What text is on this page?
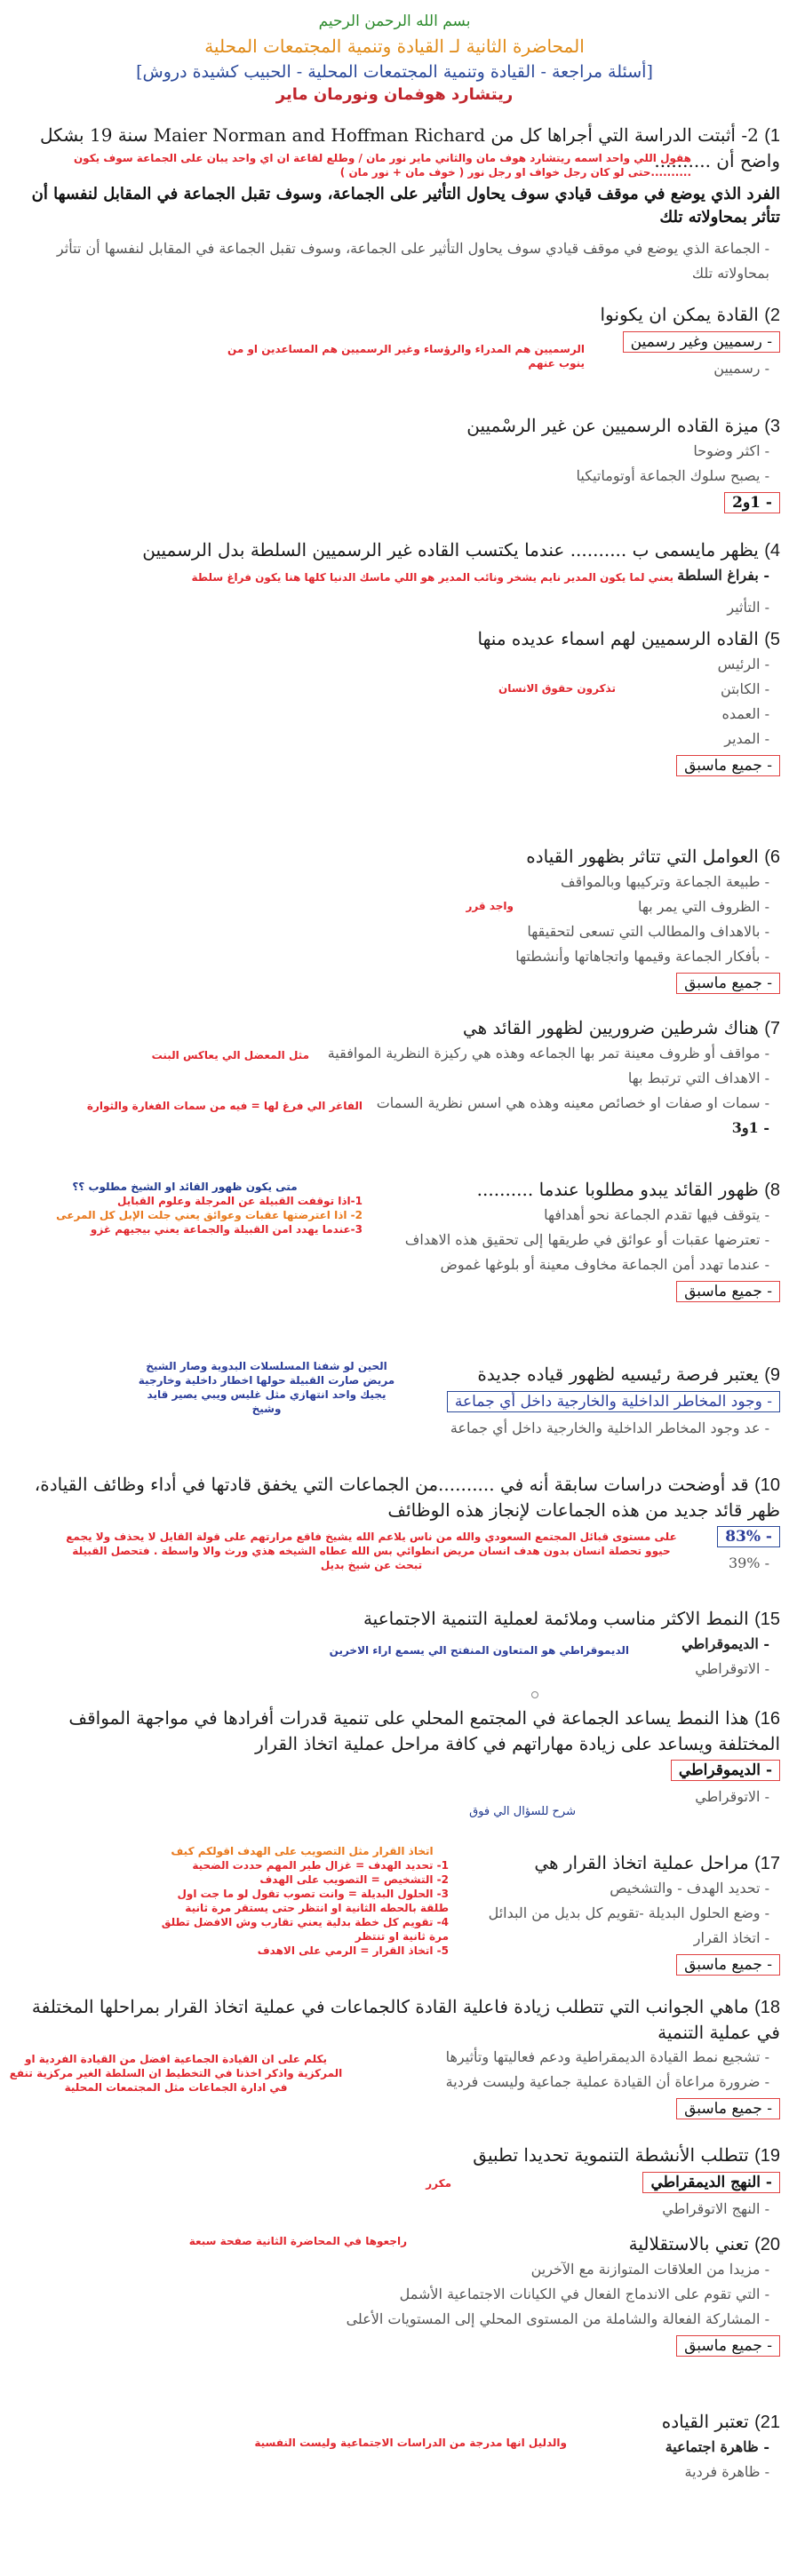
بسم الله الرحمن الرحيم
المحاضرة الثانية لـ القيادة وتنمية المجتمعات المحلية
[أسئلة مراجعة - القيادة وتنمية المجتمعات المحلية - الحبيب كشيدة دروش]
ريتشارد هوفمان ونورمان ماير
1) 2- أثبتت الدراسة التي أجراها كل من Maier Norman and Hoffman Richard سنة 19 بشكل واضح أن ..........
هقول اللي واحد اسمه ريتشارد هوف مان والثاني ماير نور مان / وطلع لقاعة ان اي واحد يبان على الجماعة سوف يكون ..........حتى لو كان رجل خواف او رجل نور ( خوف مان + نور مان )
الفرد الذي يوضع في موقف قيادي سوف يحاول التأثير على الجماعة، وسوف تقبل الجماعة في المقابل لنفسها أن تتأثر بمحاولاته تلك
- الجماعة الذي يوضع في موقف قيادي سوف يحاول التأثير على الجماعة، وسوف تقبل الجماعة في المقابل لنفسها أن تتأثر بمحاولاته تلك
2) القادة يمكن ان يكونوا
- رسميين وغير رسمين
- رسميين
الرسميين هم المدراء والرؤساء وغير الرسميين هم المساعدين او من ينوب عنهم
3) ميزة القاده الرسميين عن غير الرسْميين
- اكثر وضوحا
- يصبح سلوك الجماعة أوتوماتيكيا
- 1و2
4) يظهر مايسمى ب .......... عندما يكتسب القاده غير الرسميين السلطة بدل الرسميين
- بفراغ السلطة
- التأثير
يعني لما يكون المدير نايم يشخر ونائب المدير هو اللي ماسك الدنيا كلها هنا يكون فراغ سلطة
5) القاده الرسميين لهم اسماء عديده منها
- الرئيس
- الكابتن
- العمده
- المدير
- جميع ماسبق
تذكرون حقوق الانسان
6) العوامل التي تتاثر بظهور القياده
- طبيعة الجماعة وتركيبها وبالمواقف
- الظروف التي يمر بها
- بالاهداف والمطالب التي تسعى لتحقيقها
- بأفكار الجماعة وقيمها واتجاهاتها وأنشطتها
- جميع ماسبق
واجد قرر
7) هناك شرطين ضروريين لظهور القائد هي
- مواقف أو ظروف معينة تمر بها الجماعه وهذه هي ركيزة النظرية الموافقية
- الاهداف التي ترتبط بها
- سمات او صفات او خصائص معينه وهذه هي اسس نظرية السمات
- 1و3
مثل المعضل الي يعاكس البنت
الفاغر الي فرغ لها = فيه من سمات الفغارة والثوارة
8) ظهور القائد يبدو مطلوبا عندما ..........
- يتوقف فيها تقدم الجماعة نحو أهدافها
- تعترضها عقبات أو عوائق في طريقها إلى تحقيق هذه الاهداف
- عندما تهدد أمن الجماعة مخاوف معينة أو بلوغها غموض
- جميع ماسبق
متى يكون ظهور القائد او الشيخ مطلوب ؟؟
1-اذا توقفت القبيلة عن المرجلة وعلوم القبايل
2- اذا اعترضتها عقبات وعوائق يعني جلت الإبل كل المرعى
3-عندما يهدد امن القبيلة والجماعة يعني بيجيهم غزو
9) يعتبر فرصة رئيسيه لظهور قياده جديدة
- وجود المخاطر الداخلية والخارجية داخل أي جماعة
- عد وجود المخاطر الداخلية والخارجية داخل أي جماعة
الحين لو شفنا المسلسلات البدوية وصار الشيخ مريض صارت القبيلة حولها اخطار داخلية وخارجية يجيك واحد انتهازي مثل غليس ويبي يصير قايد وشيخ
10) قد أوضحت دراسات سابقة أنه في ..........من الجماعات التي يخفق قادتها في أداء وظائف القيادة، ظهر قائد جديد من هذه الجماعات لإنجاز هذه الوظائف
- 83%
- 39%
على مستوى قبائل المجتمع السعودي والله من ناس يلاعم الله يشيخ فاقع مرارتهم على قولة القايل لا يحذف ولا يجمع حيوو تحصلة انسان بدون هدف انسان مريض انطوائي بس الله عطاه الشيخه هذي ورث والا واسطة . فتحصل القبيلة تبحث عن شيخ بديل
15) النمط الاكثر مناسب وملائمة لعملية التنمية الاجتماعية
- الديموقراطي
- الاتوقراطي
الديموقراطي هو المتعاون المنفتح الي يسمع اراء الاخرين
16) هذا النمط يساعد الجماعة في المجتمع المحلي على تنمية قدرات أفرادها في مواجهة المواقف المختلفة ويساعد على زيادة مهاراتهم في كافة مراحل عملية اتخاذ القرار
- الديموقراطي
- الاتوقراطي
شرح للسؤال الي فوق
17) مراحل عملية اتخاذ القرار هي
- تحديد الهدف - والتشخيص
- وضع الحلول البديلة -تقويم كل بديل من البدائل
- اتخاذ القرار
- جميع ماسبق
اتخاذ القرار مثل التصويب على الهدف اقولكم كيف
1- تحديد الهدف = غزال طير المهم حددت الضحية
2- التشخيص = التصويب على الهدف
3- الحلول البديلة = وانت تصوب تقول لو ما جت اول طلقة بالحطه الثانية او انتظر حتى يستقر مرة ثانية
4- تقويم كل خطة بدلية يعني تقارب وش الافضل تطلق مرة ثانية او تنتظر
5- اتخاذ القرار = الرمي على الاهدف
18) ماهي الجوانب التي تتطلب زيادة فاعلية القادة كالجماعات في عملية اتخاذ القرار بمراحلها المختلفة في عملية التنمية
- تشجيع نمط القيادة الديمقراطية ودعم فعاليتها وتأثيرها
- ضرورة مراعاة أن القيادة عملية جماعية وليست فردية
- جميع ماسبق
يكلم على ان القيادة الجماعية افضل من القيادة الفردية او المركزية واذكر اخذنا في التخطيط ان السلطة الغير مركزية تنفع في ادارة الجماعات مثل المجتمعات المحلية
19) تتطلب الأنشطة التنموية تحديدا تطبيق
- النهج الديمقراطي
- النهج الاتوقراطي
مكرر
20) تعني بالاستقلالية
- مزيدا من العلاقات المتوازنة مع الآخرين
- التي تقوم على الاندماج الفعال في الكيانات الاجتماعية الأشمل
- المشاركة الفعالة والشاملة من المستوى المحلي إلى المستويات الأعلى
- جميع ماسبق
راجعوها في المحاضرة الثانية صفحة سبعة
21) تعتبر القياده
- ظاهرة اجتماعية
- ظاهرة فردية
والدليل انها مدرجة من الدراسات الاجتماعية وليست النفسية
